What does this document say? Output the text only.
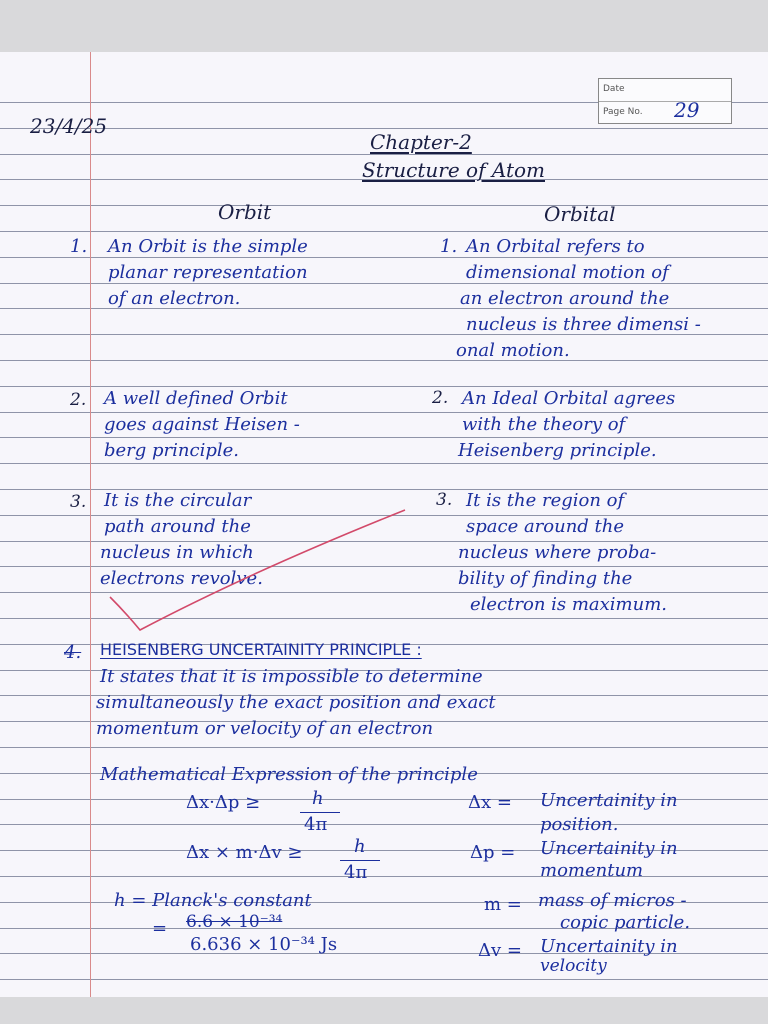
Date
Page No.	29
23/4/25
Chapter-2
Structure of Atom
Orbit	Orbital
1. An Orbit is the simple
planar representation
of an electron.
1. An Orbital refers to
dimensional motion of
an electron around the
nucleus is three dimensi -
onal motion.
2. A well defined Orbit
goes against Heisen -
berg principle.
2. An Ideal Orbital agrees
with the theory of
Heisenberg principle.
3. It is the circular
path around the
nucleus in which
electrons revolve.
3. It is the region of
space around the
nucleus where proba-
bility of finding the
electron is maximum.
4. HEISENBERG UNCERTAINITY PRINCIPLE :
It states that it is impossible to determine
simultaneously the exact position and exact
momentum or velocity of an electron
Mathematical Expression of the principle
Δx·Δp ≥	h
4π
Δx × m·Δv ≥	h
4π
h = Planck's constant
= 6.6 × 10⁻³⁴
6.636 × 10⁻³⁴ Js
Δx = Uncertainity in
position.
Δp = Uncertainity in
momentum
m = mass of micros -
copic particle.
Δv = Uncertainity in
velocity
